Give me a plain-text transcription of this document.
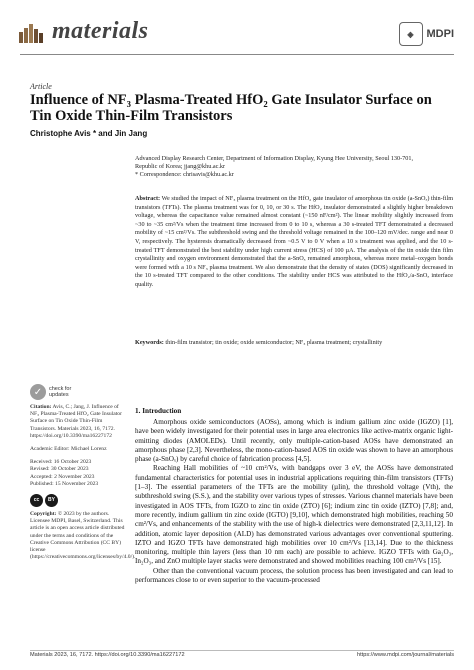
materials	◈	MDPI
Article
Influence of NF₃ Plasma-Treated HfO₂ Gate Insulator Surface on Tin Oxide Thin-Film Transistors
Christophe Avis * and Jin Jang
Advanced Display Research Center, Department of Information Display, Kyung Hee University, Seoul 130-701,
Republic of Korea; jjang@khu.ac.kr
* Correspondence: chrisavis@khu.ac.kr
Abstract: We studied the impact of NF₃ plasma treatment on the HfO₂ gate insulator of amorphous tin oxide (a-SnOₓ) thin-film transistors (TFTs). The plasma treatment was for 0, 10, or 30 s. The HfO₂ insulator demonstrated a slightly higher breakdown voltage, whereas the capacitance value remained almost constant (~150 nF/cm²). The linear mobility slightly increased from ~30 to ~35 cm²/Vs when the treatment time increased from 0 to 10 s, whereas a 30 s-treated TFT demonstrated a decreased mobility of ~15 cm²/Vs. The subthreshold swing and the threshold voltage remained in the 100–120 mV/dec. range and near 0 V, respectively. The hysteresis dramatically decreased from ~0.5 V to 0 V when a 10 s treatment was applied, and the 10 s-treated TFT demonstrated the best stability under high current stress (HCS) of 100 µA. The analysis of the tin oxide thin film crystallinity and oxygen environment demonstrated that the a-SnOₓ remained amorphous, whereas more metal–oxygen bonds were formed with a 10 s NF₃ plasma treatment. We also demonstrate that the density of states (DOS) significantly decreased in the 10 s-treated TFT compared to the other conditions. The stability under HCS was attributed to the HfO₂/a-SnOₓ interface quality.
Keywords: thin-film transistor; tin oxide; oxide semiconductor; NF₃ plasma treatment; crystallinity
✓	check for
updates

Citation: Avis, C.; Jang, J. Influence of NF₃ Plasma-Treated HfO₂ Gate Insulator Surface on Tin Oxide Thin-Film Transistors. Materials 2023, 16, 7172. https://doi.org/10.3390/ma16227172

Academic Editor: Michael Lorenz

Received: 16 October 2023
Revised: 30 October 2023
Accepted: 2 November 2023
Published: 15 November 2023

cc	BY

Copyright: © 2023 by the authors. Licensee MDPI, Basel, Switzerland. This article is an open access article distributed under the terms and conditions of the Creative Commons Attribution (CC BY) license (https://creativecommons.org/licenses/by/4.0/).

1. Introduction

Amorphous oxide semiconductors (AOSs), among which is indium gallium zinc oxide (IGZO) [1], have been widely investigated for their potential uses in large area electronics like active-matrix organic light-emitting diodes (AMOLEDs). Until recently, only multiple-cation-based AOSs have demonstrated an amorphous phase [2,3]. Nevertheless, the mono-cation-based AOS tin oxide was shown to have an amorphous phase (a-SnOₓ) by careful choice of fabrication process [4,5].

Reaching Hall mobilities of ~10 cm²/Vs, with bandgaps over 3 eV, the AOSs have demonstrated fundamental characteristics for potential uses in industrial applications requiring thin-film transistors (TFTs) [1–3]. The essential parameters of the TFTs are the mobility (µlin), the threshold voltage (Vth), the subthreshold swing (S.S.), and the stability over various types of stresses. Various channel materials have been investigated in AOS TFTs, from IGZO to zinc tin oxide (ZTO) [6]; indium zinc tin oxide (IZTO) [7,8]; and, more recently, indium gallium tin zinc oxide (IGTO) [9,10], which demonstrated high mobilities, reaching 50 cm²/Vs, and enhancements of the stability with the use of high-k dielectrics were demonstrated [2,3,11,12]. In addition, atomic layer deposition (ALD) has demonstrated various advantages over conventional sputtering. IZTO and IGZO TFTs have demonstrated high mobilities over 10 cm²/Vs [13,14]. Due to the thickness monitoring, multiple thin layers (less than 10 nm each) are possible to achieve. IGZO TFTs with Ga₂O₃, In₂O₃, and ZnO multiple layer stacks were demonstrated and showed mobilities reaching 100 cm²/Vs [15].

Other than the conventional vacuum process, the solution process has been investigated and can lead to performances close to or even superior to the vacuum-processed

Materials 2023, 16, 7172. https://doi.org/10.3390/ma16227172	https://www.mdpi.com/journal/materials
